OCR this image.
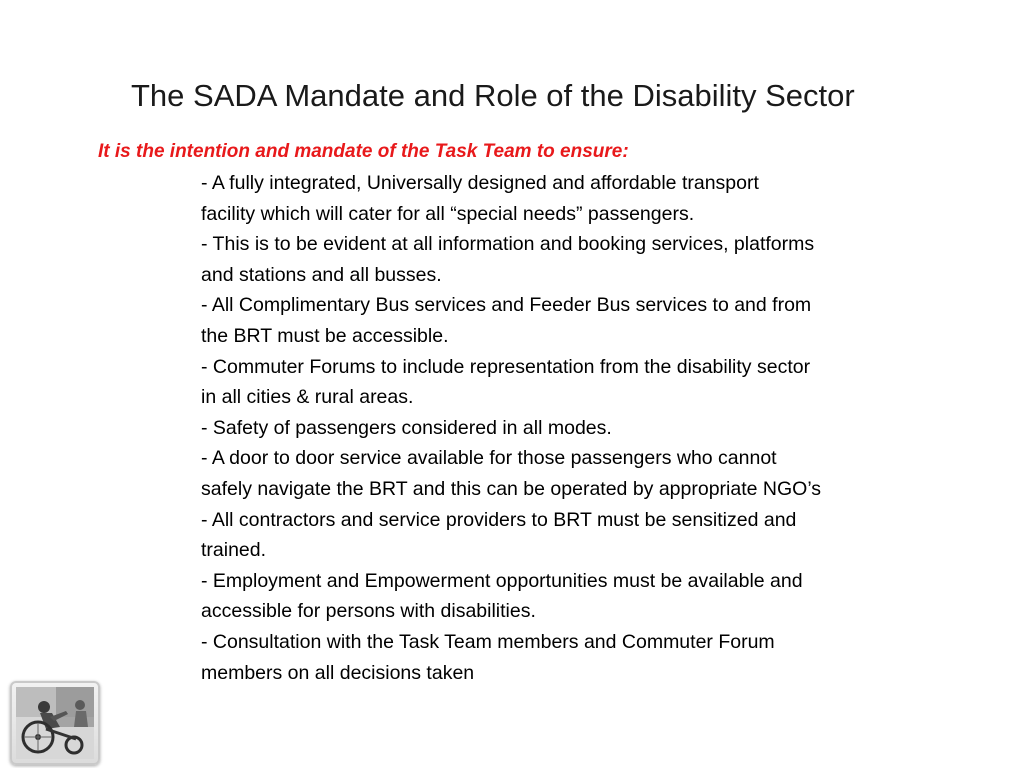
The SADA Mandate and Role of the Disability Sector

It is the intention and mandate of the Task Team to ensure:

- A fully integrated, Universally designed and affordable transport
facility which will cater for all “special needs” passengers.
- This is to be evident at all information and booking services, platforms
and stations and all busses.
- All Complimentary Bus services and Feeder Bus services to and from
the BRT must be accessible.
- Commuter Forums to include representation from the disability sector
in all cities & rural areas.
- Safety of passengers considered in all modes.
- A door to door service available for those passengers who cannot
safely navigate the BRT and this can be operated by appropriate NGO’s
- All contractors and service providers to BRT must be sensitized and
trained.
- Employment and Empowerment opportunities must be available and
accessible for persons with disabilities.
- Consultation with the Task Team members and Commuter Forum
members on all decisions taken
